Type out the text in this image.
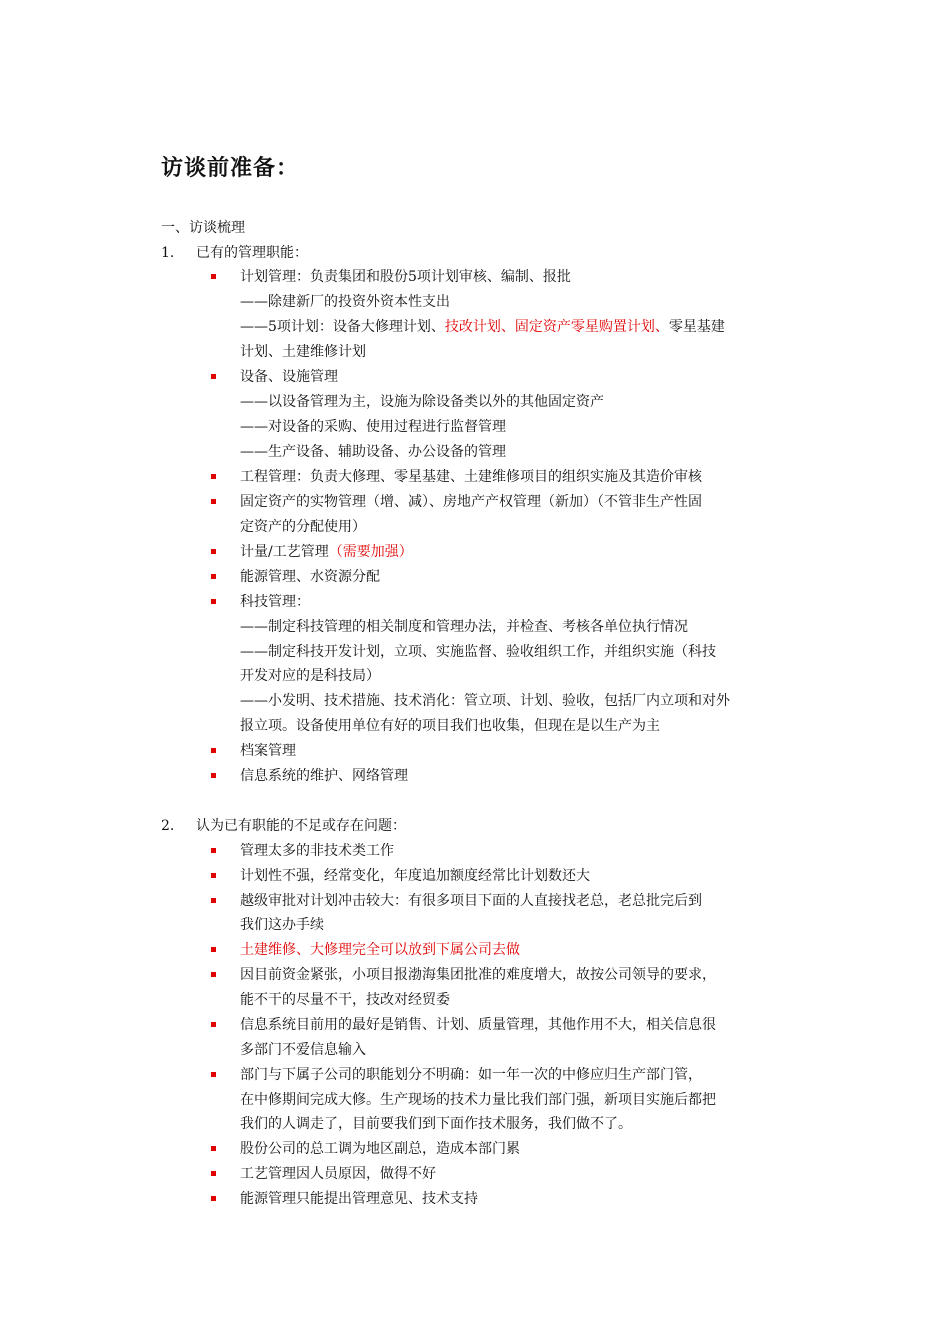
访谈前准备：
一、访谈梳理
1. 已有的管理职能：
计划管理：负责集团和股份5项计划审核、编制、报批
——除建新厂的投资外资本性支出
——5项计划：设备大修理计划、技改计划、固定资产零星购置计划、零星基建
计划、土建维修计划
设备、设施管理
——以设备管理为主，设施为除设备类以外的其他固定资产
——对设备的采购、使用过程进行监督管理
——生产设备、辅助设备、办公设备的管理
工程管理：负责大修理、零星基建、土建维修项目的组织实施及其造价审核
固定资产的实物管理（增、减）、房地产产权管理（新加）（不管非生产性固
定资产的分配使用）
计量/工艺管理（需要加强）
能源管理、水资源分配
科技管理：
——制定科技管理的相关制度和管理办法，并检查、考核各单位执行情况
——制定科技开发计划，立项、实施监督、验收组织工作，并组织实施（科技
开发对应的是科技局）
——小发明、技术措施、技术消化：管立项、计划、验收，包括厂内立项和对外
报立项。设备使用单位有好的项目我们也收集，但现在是以生产为主
档案管理
信息系统的维护、网络管理
2. 认为已有职能的不足或存在问题：
管理太多的非技术类工作
计划性不强，经常变化，年度追加额度经常比计划数还大
越级审批对计划冲击较大：有很多项目下面的人直接找老总，老总批完后到
我们这办手续
土建维修、大修理完全可以放到下属公司去做
因目前资金紧张，小项目报渤海集团批准的难度增大，故按公司领导的要求，
能不干的尽量不干，技改对经贸委
信息系统目前用的最好是销售、计划、质量管理，其他作用不大，相关信息很
多部门不爱信息输入
部门与下属子公司的职能划分不明确：如一年一次的中修应归生产部门管，
在中修期间完成大修。生产现场的技术力量比我们部门强，新项目实施后都把
我们的人调走了，目前要我们到下面作技术服务，我们做不了。
股份公司的总工调为地区副总，造成本部门累
工艺管理因人员原因，做得不好
能源管理只能提出管理意见、技术支持
